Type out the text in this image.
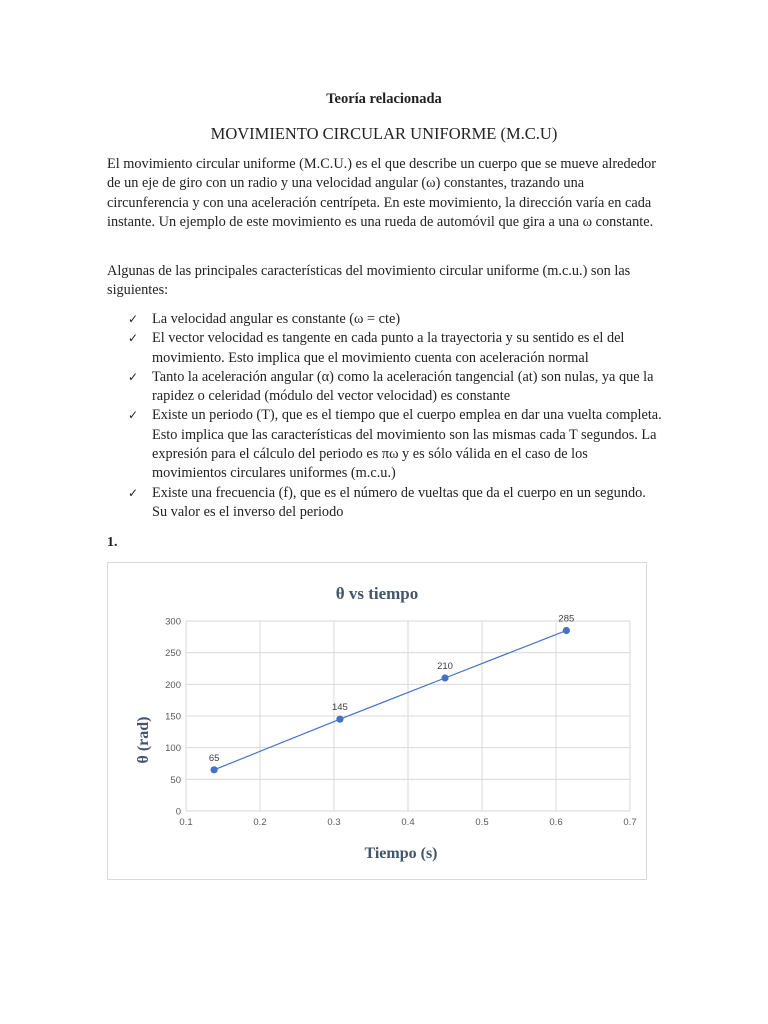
Teoría relacionada
MOVIMIENTO CIRCULAR UNIFORME (M.C.U)

El movimiento circular uniforme (M.C.U.) es el que describe un cuerpo que se mueve alrededor de un eje de giro con un radio y una velocidad angular (ω) constantes, trazando una circunferencia y con una aceleración centrípeta. En este movimiento, la dirección varía en cada instante. Un ejemplo de este movimiento es una rueda de automóvil que gira a una ω constante.

Algunas de las principales características del movimiento circular uniforme (m.c.u.) son las siguientes:

✓ La velocidad angular es constante (ω = cte)
✓ El vector velocidad es tangente en cada punto a la trayectoria y su sentido es el del movimiento. Esto implica que el movimiento cuenta con aceleración normal
✓ Tanto la aceleración angular (α) como la aceleración tangencial (at) son nulas, ya que la rapidez o celeridad (módulo del vector velocidad) es constante
✓ Existe un periodo (T), que es el tiempo que el cuerpo emplea en dar una vuelta completa. Esto implica que las características del movimiento son las mismas cada T segundos. La expresión para el cálculo del periodo es πω y es sólo válida en el caso de los movimientos circulares uniformes (m.c.u.)
✓ Existe una frecuencia (f), que es el número de vueltas que da el cuerpo en un segundo. Su valor es el inverso del periodo
1.
θ vs tiempo
0
50
100
150
200
250
300
0.1	0.2	0.3	0.4	0.5	0.6	0.7
65
145
210
285
Tiempo (s)
θ (rad)
